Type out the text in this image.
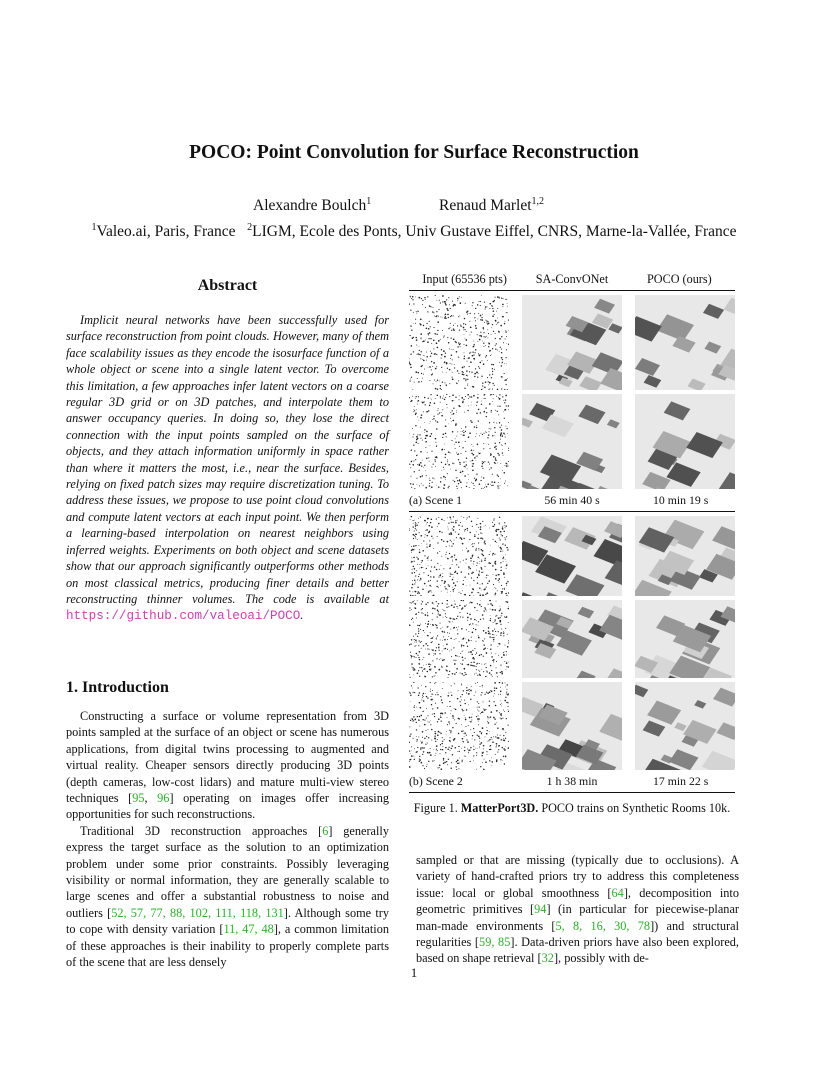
POCO: Point Convolution for Surface Reconstruction
Alexandre Boulch$^1$	Renaud Marlet$^{1,2}$
$^1$Valeo.ai, Paris, France $^2$LIGM, Ecole des Ponts, Univ Gustave Eiffel, CNRS, Marne-la-Vallée, France
Abstract

Implicit neural networks have been successfully used for surface reconstruction from point clouds. However, many of them face scalability issues as they encode the isosurface function of a whole object or scene into a single latent vector. To overcome this limitation, a few approaches infer latent vectors on a coarse regular 3D grid or on 3D patches, and interpolate them to answer occupancy queries. In doing so, they lose the direct connection with the input points sampled on the surface of objects, and they attach information uniformly in space rather than where it matters the most, i.e., near the surface. Besides, relying on fixed patch sizes may require discretization tuning. To address these issues, we propose to use point cloud convolutions and compute latent vectors at each input point. We then perform a learning-based interpolation on nearest neighbors using inferred weights. Experiments on both object and scene datasets show that our approach significantly outperforms other methods on most classical metrics, producing finer details and better reconstructing thinner volumes. The code is available at https://github.com/valeoai/POCO.

1. Introduction

Constructing a surface or volume representation from 3D points sampled at the surface of an object or scene has numerous applications, from digital twins processing to augmented and virtual reality. Cheaper sensors directly producing 3D points (depth cameras, low-cost lidars) and mature multi-view stereo techniques [95, 96] operating on images offer increasing opportunities for such reconstructions.

Traditional 3D reconstruction approaches [6] generally express the target surface as the solution to an optimization problem under some prior constraints. Possibly leveraging visibility or normal information, they are generally scalable to large scenes and offer a substantial robustness to noise and outliers [52, 57, 77, 88, 102, 111, 118, 131]. Although some try to cope with density variation [11, 47, 48], a common limitation of these approaches is their inability to properly complete parts of the scene that are less densely

Input (65536 pts)	SA-ConvONet	POCO (ours)
(a) Scene 1	56 min 40 s	10 min 19 s
(b) Scene 2	1 h 38 min	17 min 22 s
Figure 1. MatterPort3D. POCO trains on Synthetic Rooms 10k.

sampled or that are missing (typically due to occlusions). A variety of hand-crafted priors try to address this completeness issue: local or global smoothness [64], decomposition into geometric primitives [94] (in particular for piecewise-planar man-made environments [5, 8, 16, 30, 78]) and structural regularities [59, 85]. Data-driven priors have also been explored, based on shape retrieval [32], possibly with de-

1
